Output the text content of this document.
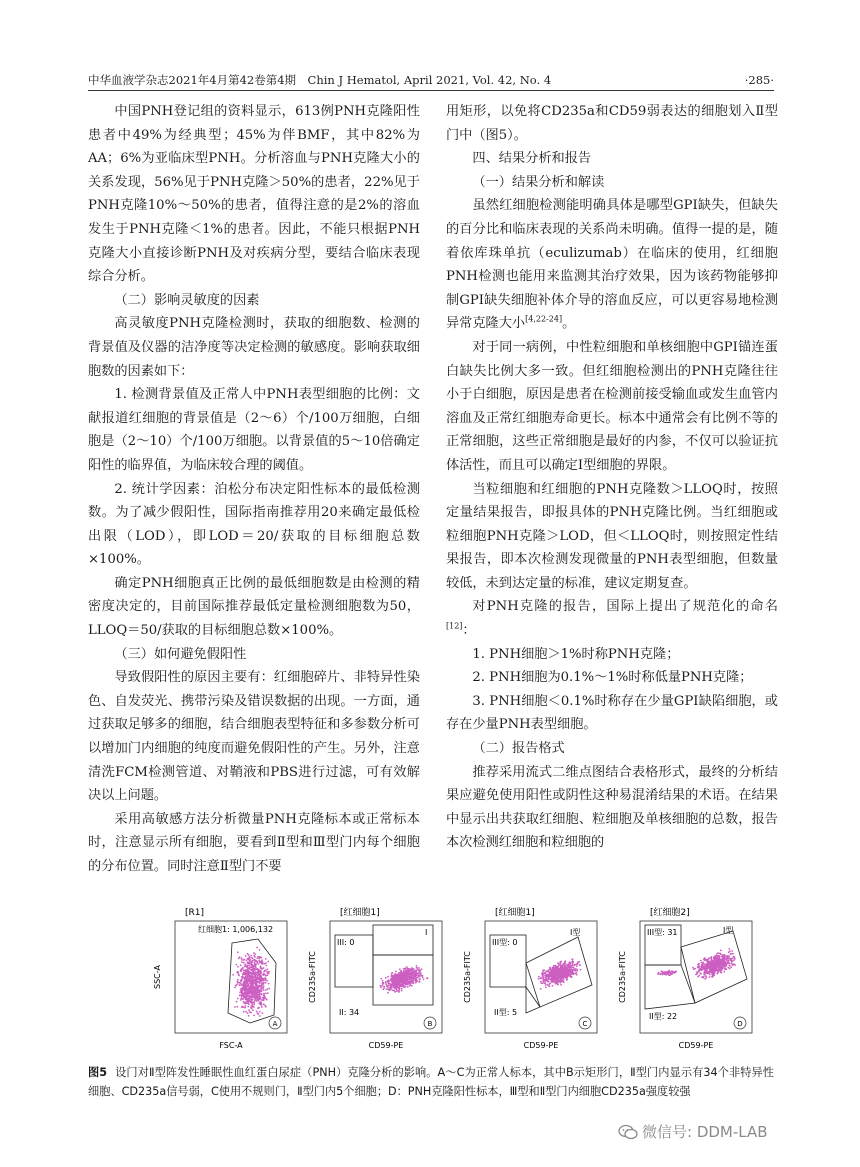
中华血液学杂志2021年4月第42卷第4期　Chin J Hematol, April 2021, Vol. 42, No. 4	·285·

中国PNH登记组的资料显示，613例PNH克隆阳性患者中49%为经典型；45%为伴BMF，其中82%为AA；6%为亚临床型PNH。分析溶血与PNH克隆大小的关系发现，56%见于PNH克隆＞50%的患者，22%见于PNH克隆10%～50%的患者，值得注意的是2%的溶血发生于PNH克隆＜1%的患者。因此，不能只根据PNH克隆大小直接诊断PNH及对疾病分型，要结合临床表现综合分析。

（二）影响灵敏度的因素

高灵敏度PNH克隆检测时，获取的细胞数、检测的背景值及仪器的洁净度等决定检测的敏感度。影响获取细胞数的因素如下：

1. 检测背景值及正常人中PNH表型细胞的比例：文献报道红细胞的背景值是（2～6）个/100万细胞，白细胞是（2～10）个/100万细胞。以背景值的5～10倍确定阳性的临界值，为临床较合理的阈值。

2. 统计学因素：泊松分布决定阳性标本的最低检测数。为了减少假阳性，国际指南推荐用20来确定最低检出限（LOD），即LOD＝20/获取的目标细胞总数×100%。

确定PNH细胞真正比例的最低细胞数是由检测的精密度决定的，目前国际推荐最低定量检测细胞数为50，LLOQ＝50/获取的目标细胞总数×100%。

（三）如何避免假阳性

导致假阳性的原因主要有：红细胞碎片、非特异性染色、自发荧光、携带污染及错误数据的出现。一方面，通过获取足够多的细胞，结合细胞表型特征和多参数分析可以增加门内细胞的纯度而避免假阳性的产生。另外，注意清洗FCM检测管道、对鞘液和PBS进行过滤，可有效解决以上问题。

采用高敏感方法分析微量PNH克隆标本或正常标本时，注意显示所有细胞，要看到Ⅱ型和Ⅲ型门内每个细胞的分布位置。同时注意Ⅱ型门不要

用矩形，以免将CD235a和CD59弱表达的细胞划入Ⅱ型门中（图5）。

四、结果分析和报告

（一）结果分析和解读

虽然红细胞检测能明确具体是哪型GPI缺失，但缺失的百分比和临床表现的关系尚未明确。值得一提的是，随着依库珠单抗（eculizumab）在临床的使用，红细胞PNH检测也能用来监测其治疗效果，因为该药物能够抑制GPI缺失细胞补体介导的溶血反应，可以更容易地检测异常克隆大小[4,22-24]。

对于同一病例，中性粒细胞和单核细胞中GPI锚连蛋白缺失比例大多一致。但红细胞检测出的PNH克隆往往小于白细胞，原因是患者在检测前接受输血或发生血管内溶血及正常红细胞寿命更长。标本中通常会有比例不等的正常细胞，这些正常细胞是最好的内参，不仅可以验证抗体活性，而且可以确定Ⅰ型细胞的界限。

当粒细胞和红细胞的PNH克隆数＞LLOQ时，按照定量结果报告，即报具体的PNH克隆比例。当红细胞或粒细胞PNH克隆＞LOD，但＜LLOQ时，则按照定性结果报告，即本次检测发现微量的PNH表型细胞，但数量较低，未到达定量的标准，建议定期复查。

对PNH克隆的报告，国际上提出了规范化的命名[12]：

1. PNH细胞＞1%时称PNH克隆；

2. PNH细胞为0.1%～1%时称低量PNH克隆；

3. PNH细胞＜0.1%时称存在少量GPI缺陷细胞，或存在少量PNH表型细胞。

（二）报告格式

推荐采用流式二维点图结合表格形式，最终的分析结果应避免使用阳性或阴性这种易混淆结果的术语。在结果中显示出共获取红细胞、粒细胞及单核细胞的总数，报告本次检测红细胞和粒细胞的

[R1]
SSC-A
FSC-A
红细胞1: 1,006,132
A
[红细胞1]
CD235a-FITC
CD59-PE
III: 0
I
II: 34
B
[红细胞1]
CD235a-FITC
CD59-PE
III型: 0
I型
II型: 5
C
[红细胞2]
CD235a-FITC
CD59-PE
III型: 31	I型
II型: 22
D
图5 设门对Ⅱ型阵发性睡眠性血红蛋白尿症（PNH）克隆分析的影响。A～C为正常人标本，其中B示矩形门，Ⅱ型门内显示有34个非特异性细胞、CD235a信号弱，C使用不规则门，Ⅱ型门内5个细胞；D：PNH克隆阳性标本，Ⅲ型和Ⅱ型门内细胞CD235a强度较强
微信号: DDM-LAB
